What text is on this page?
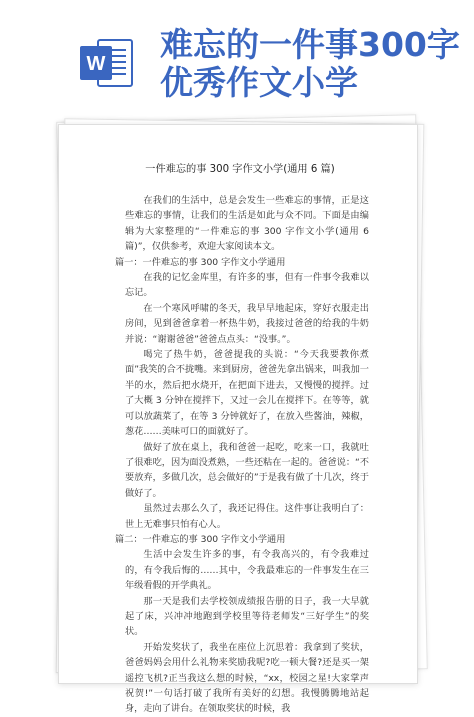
W 难忘的一件事300字优秀作文小学
一件难忘的事 300 字作文小学(通用 6 篇)
在我们的生活中，总是会发生一些难忘的事情，正是这些难忘的事情，让我们的生活是如此与众不同。下面是由编辑为大家整理的“一件难忘的事 300 字作文小学(通用 6 篇)”，仅供参考，欢迎大家阅读本文。
篇一：一件难忘的事 300 字作文小学通用
在我的记忆金库里，有许多的事，但有一件事令我难以忘记。
在一个寒风呼啸的冬天，我早早地起床，穿好衣服走出房间，见到爸爸拿着一杯热牛奶，我接过爸爸的给我的牛奶并说：“谢谢爸爸”爸爸点点头：“没事。”。
喝完了热牛奶，爸爸提我的头说：“今天我要教你煮面”我笑的合不拢嘴。来到厨房，爸爸先拿出锅来，叫我加一半的水，然后把水烧开，在把面下进去，又慢慢的搅拌。过了大概 3 分钟在搅拌下，又过一会儿在搅拌下。在等等，就可以放蔬菜了，在等 3 分钟就好了，在放入些酱油，辣椒，葱花……美味可口的面就好了。
做好了放在桌上，我和爸爸一起吃，吃来一口，我就吐了很难吃，因为面没煮熟，一些还粘在一起的。爸爸说：“不要放弃，多做几次，总会做好的”于是我有做了十几次，终于做好了。
虽然过去那么久了，我还记得住。这件事让我明白了：世上无难事只怕有心人。
篇二：一件难忘的事 300 字作文小学通用
生活中会发生许多的事，有令我高兴的，有令我难过的，有令我后悔的……其中，令我最难忘的一件事发生在三年级看假的开学典礼。
那一天是我们去学校领成绩报告册的日子，我一大早就起了床，兴冲冲地跑到学校里等待老师发“三好学生”的奖状。
开始发奖状了，我坐在座位上沉思着：我拿到了奖状，爸爸妈妈会用什么礼物来奖励我呢?吃一顿大餐?还是买一架遥控飞机?正当我这么想的时候，“xx，校园之星!大家掌声祝贺!”一句话打破了我所有美好的幻想。我慢腾腾地站起身，走向了讲台。在领取奖状的时候，我
